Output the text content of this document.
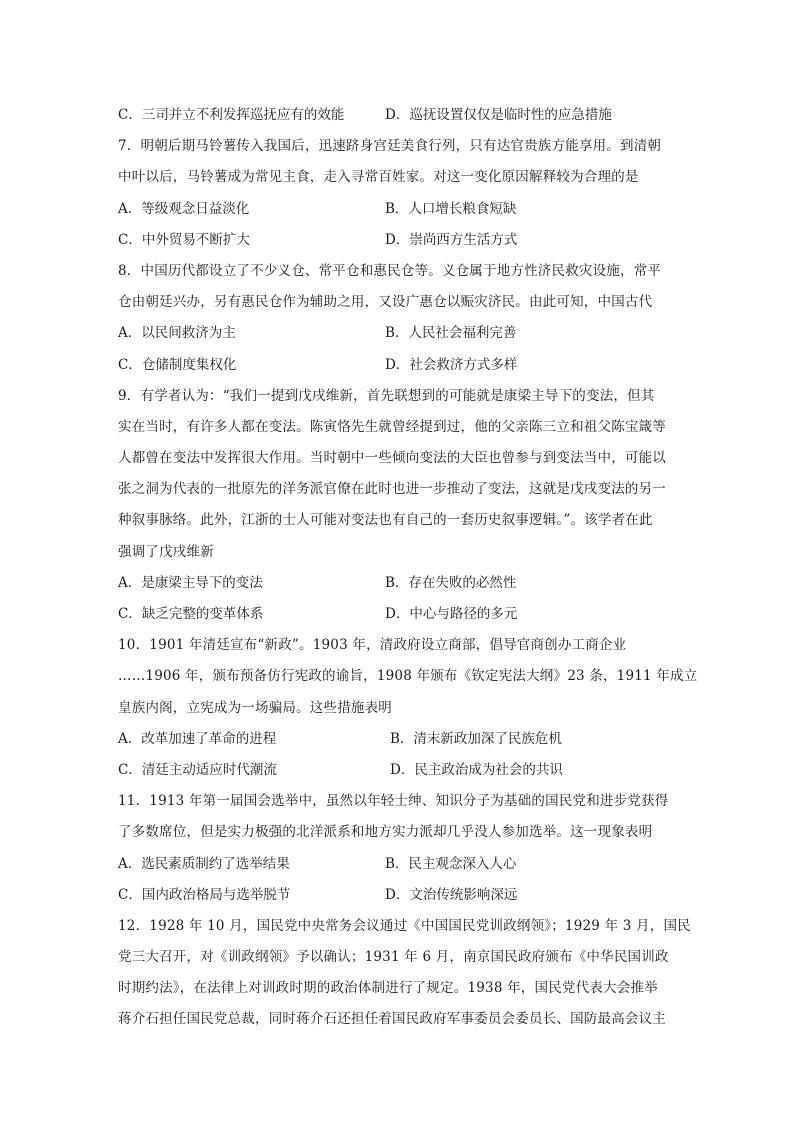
C．三司并立不利发挥巡抚应有的效能	D．巡抚设置仅仅是临时性的应急措施
7．明朝后期马铃薯传入我国后，迅速跻身宫廷美食行列，只有达官贵族方能享用。到清朝
中叶以后，马铃薯成为常见主食，走入寻常百姓家。对这一变化原因解释较为合理的是
A．等级观念日益淡化	B．人口增长粮食短缺
C．中外贸易不断扩大	D．崇尚西方生活方式
8．中国历代都设立了不少义仓、常平仓和惠民仓等。义仓属于地方性济民救灾设施，常平
仓由朝廷兴办，另有惠民仓作为辅助之用，又设广惠仓以赈灾济民。由此可知，中国古代
A．以民间救济为主	B．人民社会福利完善
C．仓储制度集权化	D．社会救济方式多样
9．有学者认为：“我们一提到戊戌维新，首先联想到的可能就是康梁主导下的变法，但其
实在当时，有许多人都在变法。陈寅恪先生就曾经提到过，他的父亲陈三立和祖父陈宝箴等
人都曾在变法中发挥很大作用。当时朝中一些倾向变法的大臣也曾参与到变法当中，可能以
张之洞为代表的一批原先的洋务派官僚在此时也进一步推动了变法，这就是戊戌变法的另一
种叙事脉络。此外，江浙的士人可能对变法也有自己的一套历史叙事逻辑。”。该学者在此
强调了戊戌维新
A．是康梁主导下的变法	B．存在失败的必然性
C．缺乏完整的变革体系	D．中心与路径的多元
10．1901 年清廷宣布“新政”。1903 年，清政府设立商部，倡导官商创办工商企业
……1906 年，颁布预备仿行宪政的谕旨，1908 年颁布《钦定宪法大纲》23 条，1911 年成立
皇族内阁，立宪成为一场骗局。这些措施表明
A．改革加速了革命的进程	B．清末新政加深了民族危机
C．清廷主动适应时代潮流	D．民主政治成为社会的共识
11．1913 年第一届国会选举中，虽然以年轻士绅、知识分子为基础的国民党和进步党获得
了多数席位，但是实力极强的北洋派系和地方实力派却几乎没人参加选举。这一现象表明
A．选民素质制约了选举结果	B．民主观念深入人心
C．国内政治格局与选举脱节	D．文治传统影响深远
12．1928 年 10 月，国民党中央常务会议通过《中国国民党训政纲领》；1929 年 3 月，国民
党三大召开，对《训政纲领》予以确认；1931 年 6 月，南京国民政府颁布《中华民国训政
时期约法》，在法律上对训政时期的政治体制进行了规定。1938 年，国民党代表大会推举
蒋介石担任国民党总裁，同时蒋介石还担任着国民政府军事委员会委员长、国防最高会议主
